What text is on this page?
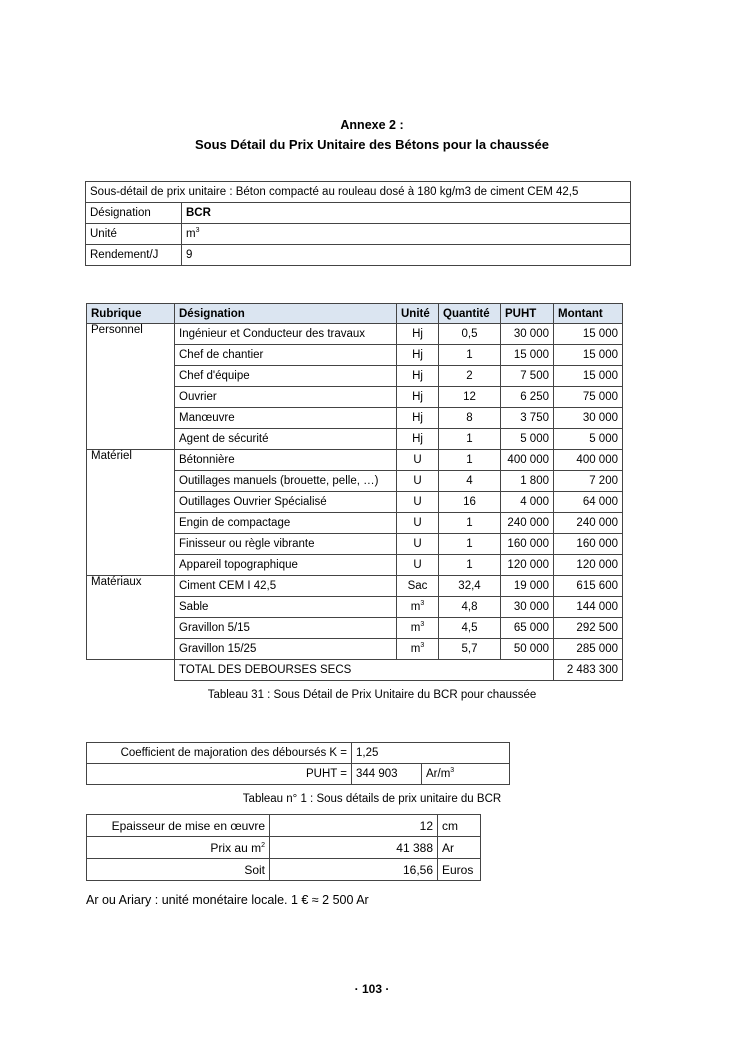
Annexe 2 :
Sous Détail du Prix Unitaire des Bétons pour la chaussée
Sous-détail de prix unitaire : Béton compacté au rouleau dosé à 180 kg/m3 de ciment CEM 42,5	
Désignation	BCR
Unité	$m^3$
Rendement/J	9
Rubrique	Désignation	Unité	Quantité	PUHT	Montant
Personnel	Ingénieur et Conducteur des travaux	Hj	0,5	30 000	15 000
	Chef de chantier	Hj	1	15 000	15 000
	Chef d'équipe	Hj	2	7 500	15 000
	Ouvrier	Hj	12	6 250	75 000
	Manœuvre	Hj	8	3 750	30 000
	Agent de sécurité	Hj	1	5 000	5 000
Matériel	Bétonnière	U	1	400 000	400 000
	Outillages manuels (brouette, pelle, …)	U	4	1 800	7 200
	Outillages Ouvrier Spécialisé	U	16	4 000	64 000
	Engin de compactage	U	1	240 000	240 000
	Finisseur ou règle vibrante	U	1	160 000	160 000
	Appareil topographique	U	1	120 000	120 000
Matériaux	Ciment CEM I 42,5	Sac	32,4	19 000	615 600
	Sable	$m^3$	4,8	30 000	144 000
	Gravillon 5/15	$m^3$	4,5	65 000	292 500
	Gravillon 15/25	$m^3$	5,7	50 000	285 000
	TOTAL DES DEBOURSES SECS				2 483 300
Tableau 31 : Sous Détail de Prix Unitaire du BCR pour chaussée
Coefficient de majoration des déboursés K =	1,25	
PUHT =	344 903	$Ar/m^3$
Tableau n° 1 : Sous détails de prix unitaire du BCR
Epaisseur de mise en œuvre	12	cm
Prix au $m^2$	41 388	Ar
Soit	16,56	Euros
Ar ou Ariary : unité monétaire locale. 1 € ≈ 2 500 Ar
· 103 ·
